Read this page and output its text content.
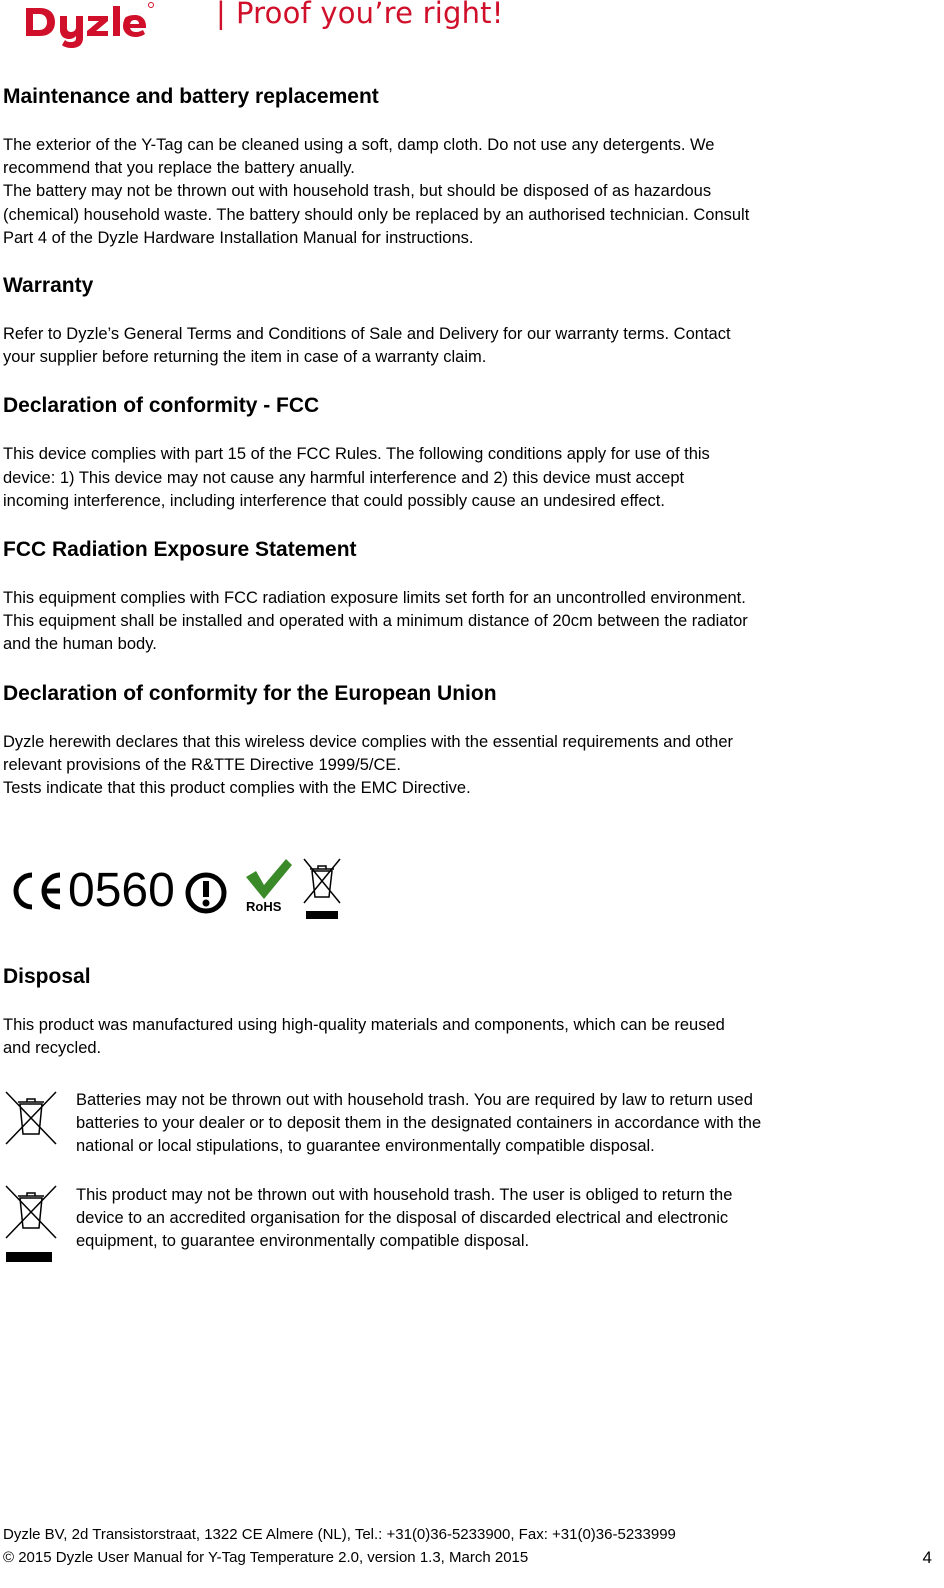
Dyzle	| Proof you’re right!
Maintenance and battery replacement

The exterior of the Y-Tag can be cleaned using a soft, damp cloth. Do not use any detergents. We

recommend that you replace the battery anually.

The battery may not be thrown out with household trash, but should be disposed of as hazardous

(chemical) household waste. The battery should only be replaced by an authorised technician. Consult

Part 4 of the Dyzle Hardware Installation Manual for instructions.

Warranty

Refer to Dyzle’s General Terms and Conditions of Sale and Delivery for our warranty terms. Contact

your supplier before returning the item in case of a warranty claim.

Declaration of conformity - FCC

This device complies with part 15 of the FCC Rules. The following conditions apply for use of this

device: 1) This device may not cause any harmful interference and 2) this device must accept

incoming interference, including interference that could possibly cause an undesired effect.

FCC Radiation Exposure Statement

This equipment complies with FCC radiation exposure limits set forth for an uncontrolled environment.

This equipment shall be installed and operated with a minimum distance of 20cm between the radiator

and the human body.

Declaration of conformity for the European Union

Dyzle herewith declares that this wireless device complies with the essential requirements and other

relevant provisions of the R&TTE Directive 1999/5/CE.

Tests indicate that this product complies with the EMC Directive.

0560	RoHS
Disposal

This product was manufactured using high-quality materials and components, which can be reused

and recycled.

Batteries may not be thrown out with household trash. You are required by law to return used

batteries to your dealer or to deposit them in the designated containers in accordance with the

national or local stipulations, to guarantee environmentally compatible disposal.

This product may not be thrown out with household trash. The user is obliged to return the

device to an accredited organisation for the disposal of discarded electrical and electronic

equipment, to guarantee environmentally compatible disposal.

Dyzle BV, 2d Transistorstraat, 1322 CE Almere (NL), Tel.: +31(0)36-5233900, Fax: +31(0)36-5233999
© 2015 Dyzle User Manual for Y-Tag Temperature 2.0, version 1.3, March 2015	4
